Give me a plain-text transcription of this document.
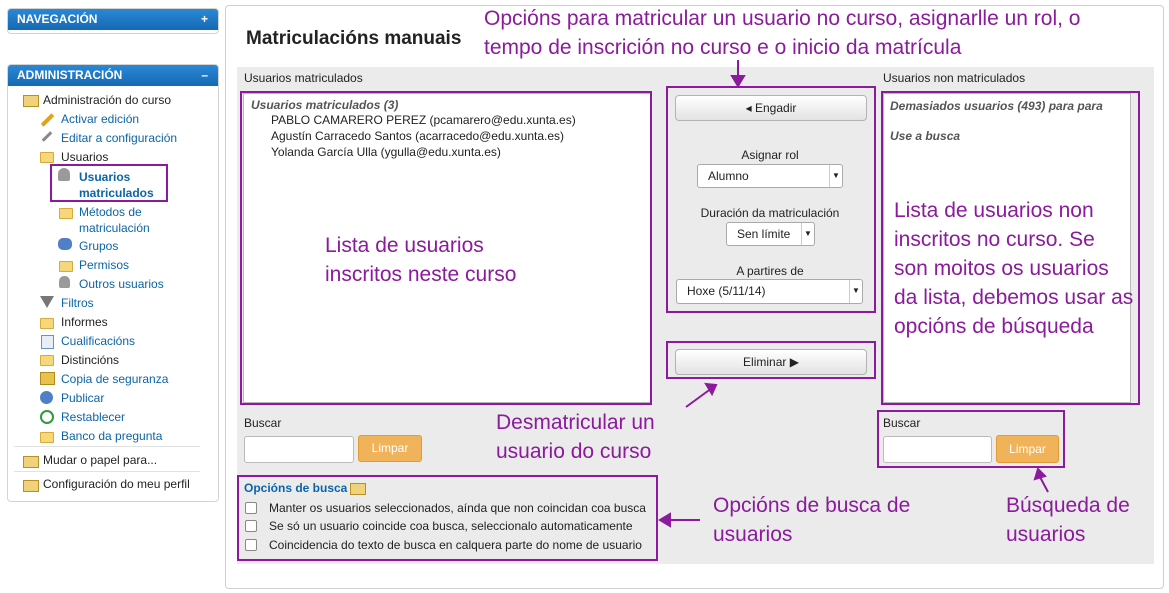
NAVEGACIÓN	+
ADMINISTRACIÓN	–
Administración do curso
Activar edición
Editar a configuración
Usuarios
Usuarios matriculados
Métodos de matriculación
Grupos
Permisos
Outros usuarios
Filtros
Informes
Cualificacións
Distincións
Copia de seguranza
Publicar
Restablecer
Banco da pregunta
Mudar o papel para...
Configuración do meu perfil
Matriculacións manuais
Usuarios matriculados
Usuarios matriculados (3)
PABLO CAMARERO PEREZ (pcamarero@edu.xunta.es)
Agustín Carracedo Santos (acarracedo@edu.xunta.es)
Yolanda García Ulla (ygulla@edu.xunta.es)
◂ Engadir
Asignar rol
Alumno	▼
Duración da matriculación
Sen límite	▼
A partires de
Hoxe (5/11/14)	▼
Eliminar ▶
Usuarios non matriculados
Demasiados usuarios (493) para para
Use a busca
Buscar
Limpar
Buscar
Limpar
Opcións de busca
Manter os usuarios seleccionados, aínda que non coincidan coa busca
Se só un usuario coincide coa busca, seleccionalo automaticamente
Coincidencia do texto de busca en calquera parte do nome de usuario
Opcións para matricular un usuario no curso, asignarlle un rol, o tempo de inscrición no curso e o inicio da matrícula
Lista de usuarios inscritos neste curso
Lista de usuarios non inscritos no curso. Se son moitos os usuarios da lista, debemos usar as opcións de búsqueda
Desmatricular un usuario do curso
Opcións de busca de usuarios
Búsqueda de usuarios
